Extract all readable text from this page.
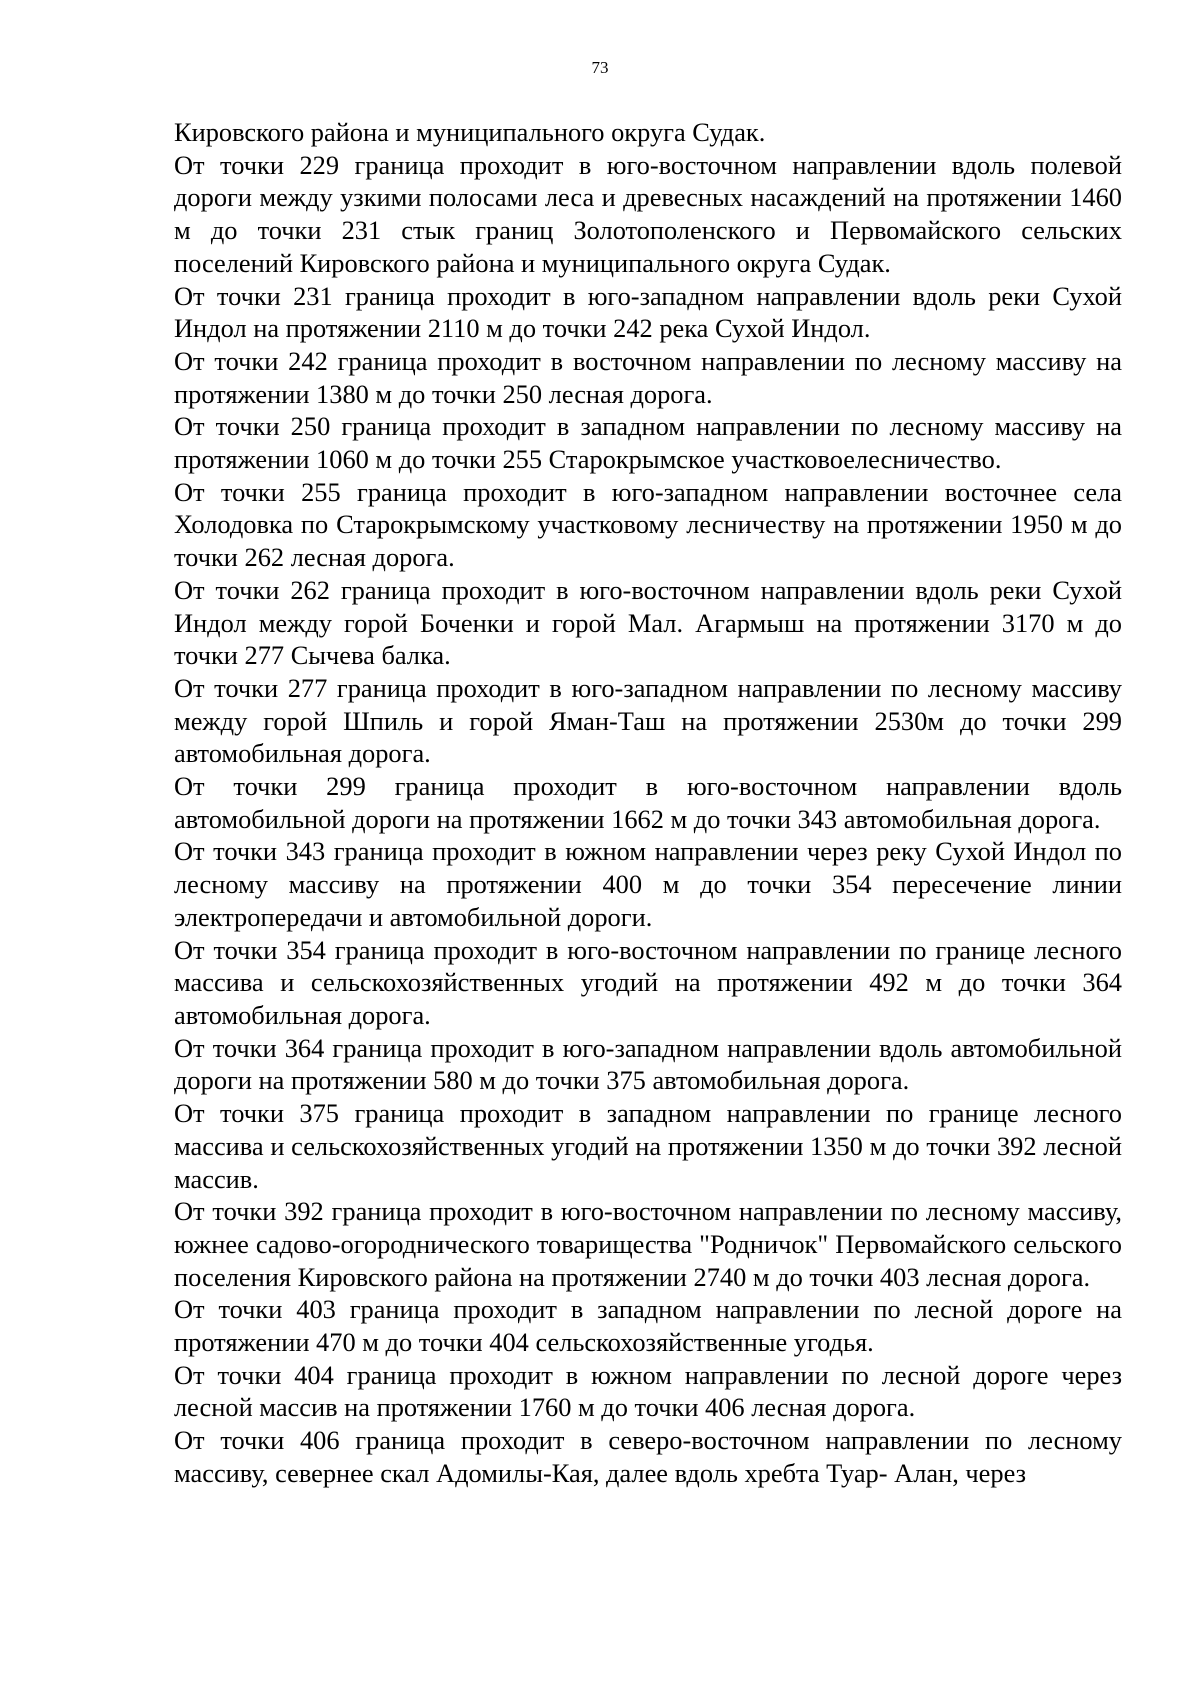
73

Кировского района и муниципального округа Судак.

От точки 229 граница проходит в юго-восточном направлении вдоль полевой дороги между узкими полосами леса и древесных насаждений на протяжении 1460 м до точки 231 стык границ Золотополенского и Первомайского сельских поселений Кировского района и муниципального округа Судак.

От точки 231 граница проходит в юго-западном направлении вдоль реки Сухой Индол на протяжении 2110 м до точки 242 река Сухой Индол.

От точки 242 граница проходит в восточном направлении по лесному массиву на протяжении 1380 м до точки 250 лесная дорога.

От точки 250 граница проходит в западном направлении по лесному массиву на протяжении 1060 м до точки 255 Старокрымское участковоелесничество.

От точки 255 граница проходит в юго-западном направлении восточнее села Холодовка по Старокрымскому участковому лесничеству на протяжении 1950 м до точки 262 лесная дорога.

От точки 262 граница проходит в юго-восточном направлении вдоль реки Сухой Индол между горой Боченки и горой Мал. Агармыш на протяжении 3170 м до точки 277 Сычева балка.

От точки 277 граница проходит в юго-западном направлении по лесному массиву между горой Шпиль и горой Яман-Таш на протяжении 2530м до точки 299 автомобильная дорога.

От точки 299 граница проходит в юго-восточном направлении вдоль автомобильной дороги на протяжении 1662 м до точки 343 автомобильная дорога.

От точки 343 граница проходит в южном направлении через реку Сухой Индол по лесному массиву на протяжении 400 м до точки 354 пересечение линии электропередачи и автомобильной дороги.

От точки 354 граница проходит в юго-восточном направлении по границе лесного массива и сельскохозяйственных угодий на протяжении 492 м до точки 364 автомобильная дорога.

От точки 364 граница проходит в юго-западном направлении вдоль автомобильной дороги на протяжении 580 м до точки 375 автомобильная дорога.

От точки 375 граница проходит в западном направлении по границе лесного массива и сельскохозяйственных угодий на протяжении 1350 м до точки 392 лесной массив.

От точки 392 граница проходит в юго-восточном направлении по лесному массиву, южнее садово-огороднического товарищества "Родничок" Первомайского сельского поселения Кировского района на протяжении 2740 м до точки 403 лесная дорога.

От точки 403 граница проходит в западном направлении по лесной дороге на протяжении 470 м до точки 404 сельскохозяйственные угодья.

От точки 404 граница проходит в южном направлении по лесной дороге через лесной массив на протяжении 1760 м до точки 406 лесная дорога.

От точки 406 граница проходит в северо-восточном направлении по лесному массиву, севернее скал Адомилы-Кая, далее вдоль хребта Туар- Алан, через
